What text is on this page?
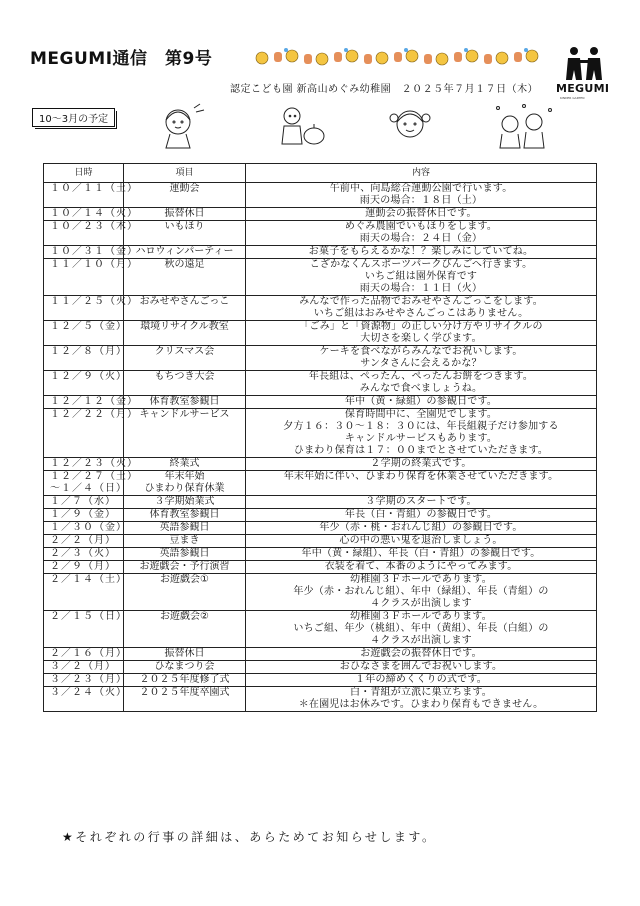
MEGUMI通信　第9号
MEGUMI
KINDER GARTEN
認定こども園 新高山めぐみ幼稚園　２０２５年７月１７日（木）
10～3月の予定
日時	項目	内容

１０／１１（土）	運動会	午前中、向島総合運動公園で行います。
雨天の場合：１８日（土）

１０／１４（火）	振替休日	運動会の振替休日です。

１０／２３（木）	いもほり	めぐみ農園でいもほりをします。
雨天の場合：２４日（金）

１０／３１（金）	ハロウィンパーティー	お菓子をもらえるかな！？楽しみにしていてね。

１１／１０（月）	秋の遠足	こざかなくんスポーツパークびんごへ行きます。
いちご組は園外保育です
雨天の場合：１１日（火）

１１／２５（火）	おみせやさんごっこ	みんなで作った品物でおみせやさんごっこをします。
いちご組はおみせやさんごっこはありません。

１２／５（金）	環境リサイクル教室	「ごみ」と「資源物」の正しい分け方やリサイクルの
大切さを楽しく学びます。

１２／８（月）	クリスマス会	ケーキを食べながらみんなでお祝いします。
サンタさんに会えるかな？

１２／９（火）	もちつき大会	年長組は、ぺったん、ぺったんお餅をつきます。
みんなで食べましょうね。

１２／１２（金）	体育教室参観日	年中（黄・緑組）の参観日です。

１２／２２（月）	キャンドルサービス	保育時間中に、全園児でします。
夕方１６：３０～１８：３０には、年長組親子だけ参加する
キャンドルサービスもあります。
ひまわり保育は１７：００までとさせていただきます。

１２／２３（火）	終業式	２学期の終業式です。

１２／２７（土）
～１／４（日）	年末年始
ひまわり保育休業	年末年始に伴い、ひまわり保育を休業させていただきます。

１／７（水）	３学期始業式	３学期のスタートです。

１／９（金）	体育教室参観日	年長（白・青組）の参観日です。

１／３０（金）	英語参観日	年少（赤・桃・おれんじ組）の参観日です。

２／２（月）	豆まき	心の中の悪い鬼を退治しましょう。

２／３（火）	英語参観日	年中（黄・緑組）、年長（白・青組）の参観日です。

２／９（月）	お遊戯会・予行演習	衣装を着て、本番のようにやってみます。

２／１４（土）	お遊戯会①	幼稚園３Ｆホールであります。
年少（赤・おれんじ組）、年中（緑組）、年長（青組）の
４クラスが出演します

２／１５（日）	お遊戯会②	幼稚園３Ｆホールであります。
いちご組、年少（桃組）、年中（黄組）、年長（白組）の
４クラスが出演します

２／１６（月）	振替休日	お遊戯会の振替休日です。

３／２（月）	ひなまつり会	おひなさまを囲んでお祝いします。

３／２３（月）	２０２５年度修了式	１年の締めくくりの式です。

３／２４（火）	２０２５年度卒園式	白・青組が立派に巣立ちます。
＊在園児はお休みです。ひまわり保育もできません。
★それぞれの行事の詳細は、あらためてお知らせします。
